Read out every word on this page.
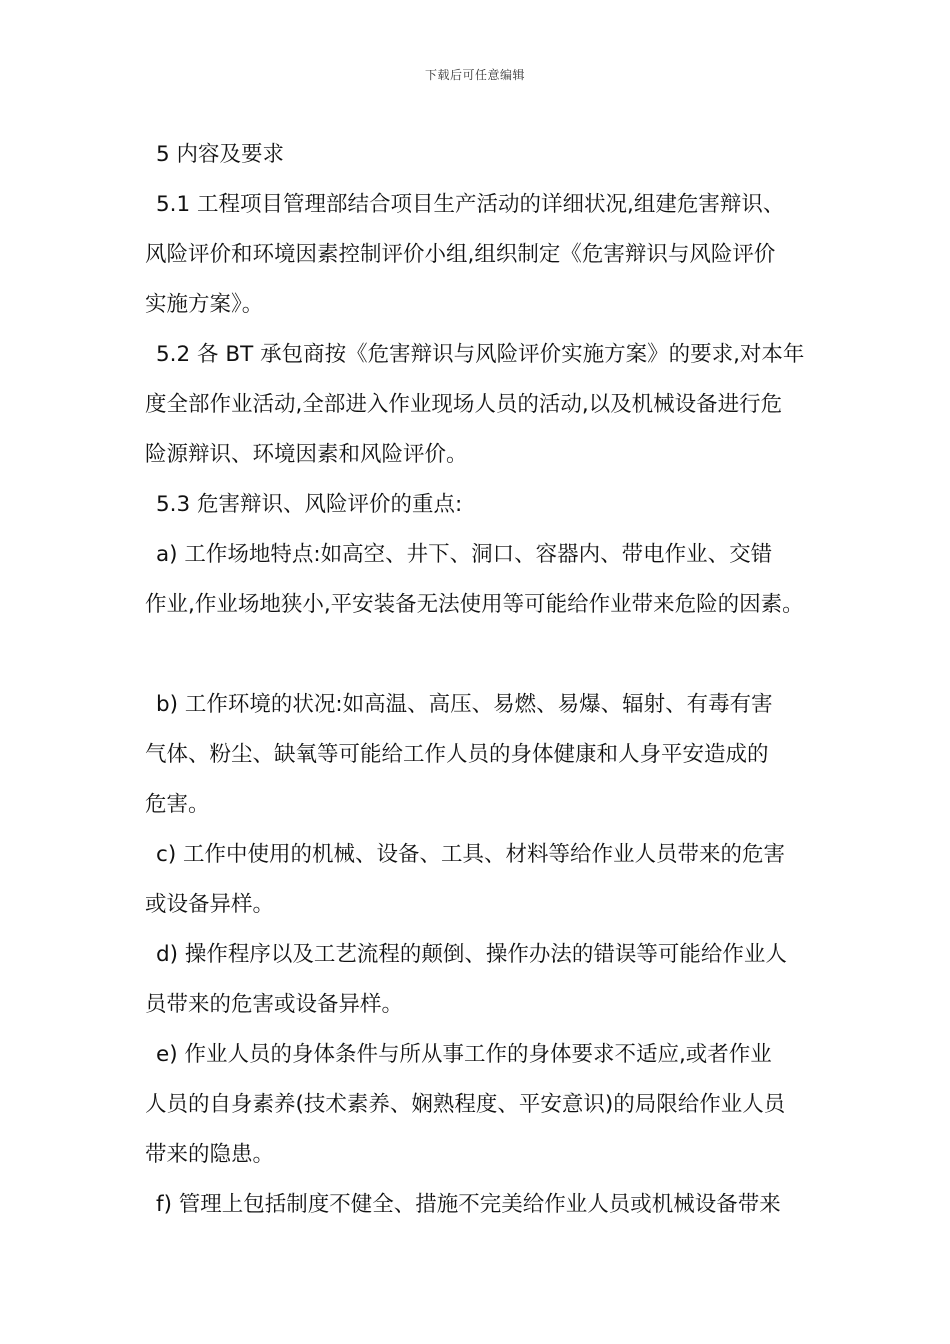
下载后可任意编辑
5 内容及要求
5.1 工程项目管理部结合项目生产活动的详细状况,组建危害辩识、
风险评价和环境因素控制评价小组,组织制定《危害辩识与风险评价
实施方案》。
5.2 各 BT 承包商按《危害辩识与风险评价实施方案》的要求,对本年
度全部作业活动,全部进入作业现场人员的活动,以及机械设备进行危
险源辩识、环境因素和风险评价。
5.3 危害辩识、风险评价的重点:
a) 工作场地特点:如高空、井下、洞口、容器内、带电作业、交错
作业,作业场地狭小,平安装备无法使用等可能给作业带来危险的因素。
b) 工作环境的状况:如高温、高压、易燃、易爆、辐射、有毒有害
气体、粉尘、缺氧等可能给工作人员的身体健康和人身平安造成的
危害。
c) 工作中使用的机械、设备、工具、材料等给作业人员带来的危害
或设备异样。
d) 操作程序以及工艺流程的颠倒、操作办法的错误等可能给作业人
员带来的危害或设备异样。
e) 作业人员的身体条件与所从事工作的身体要求不适应,或者作业
人员的自身素养(技术素养、娴熟程度、平安意识)的局限给作业人员
带来的隐患。
f) 管理上包括制度不健全、措施不完美给作业人员或机械设备带来
